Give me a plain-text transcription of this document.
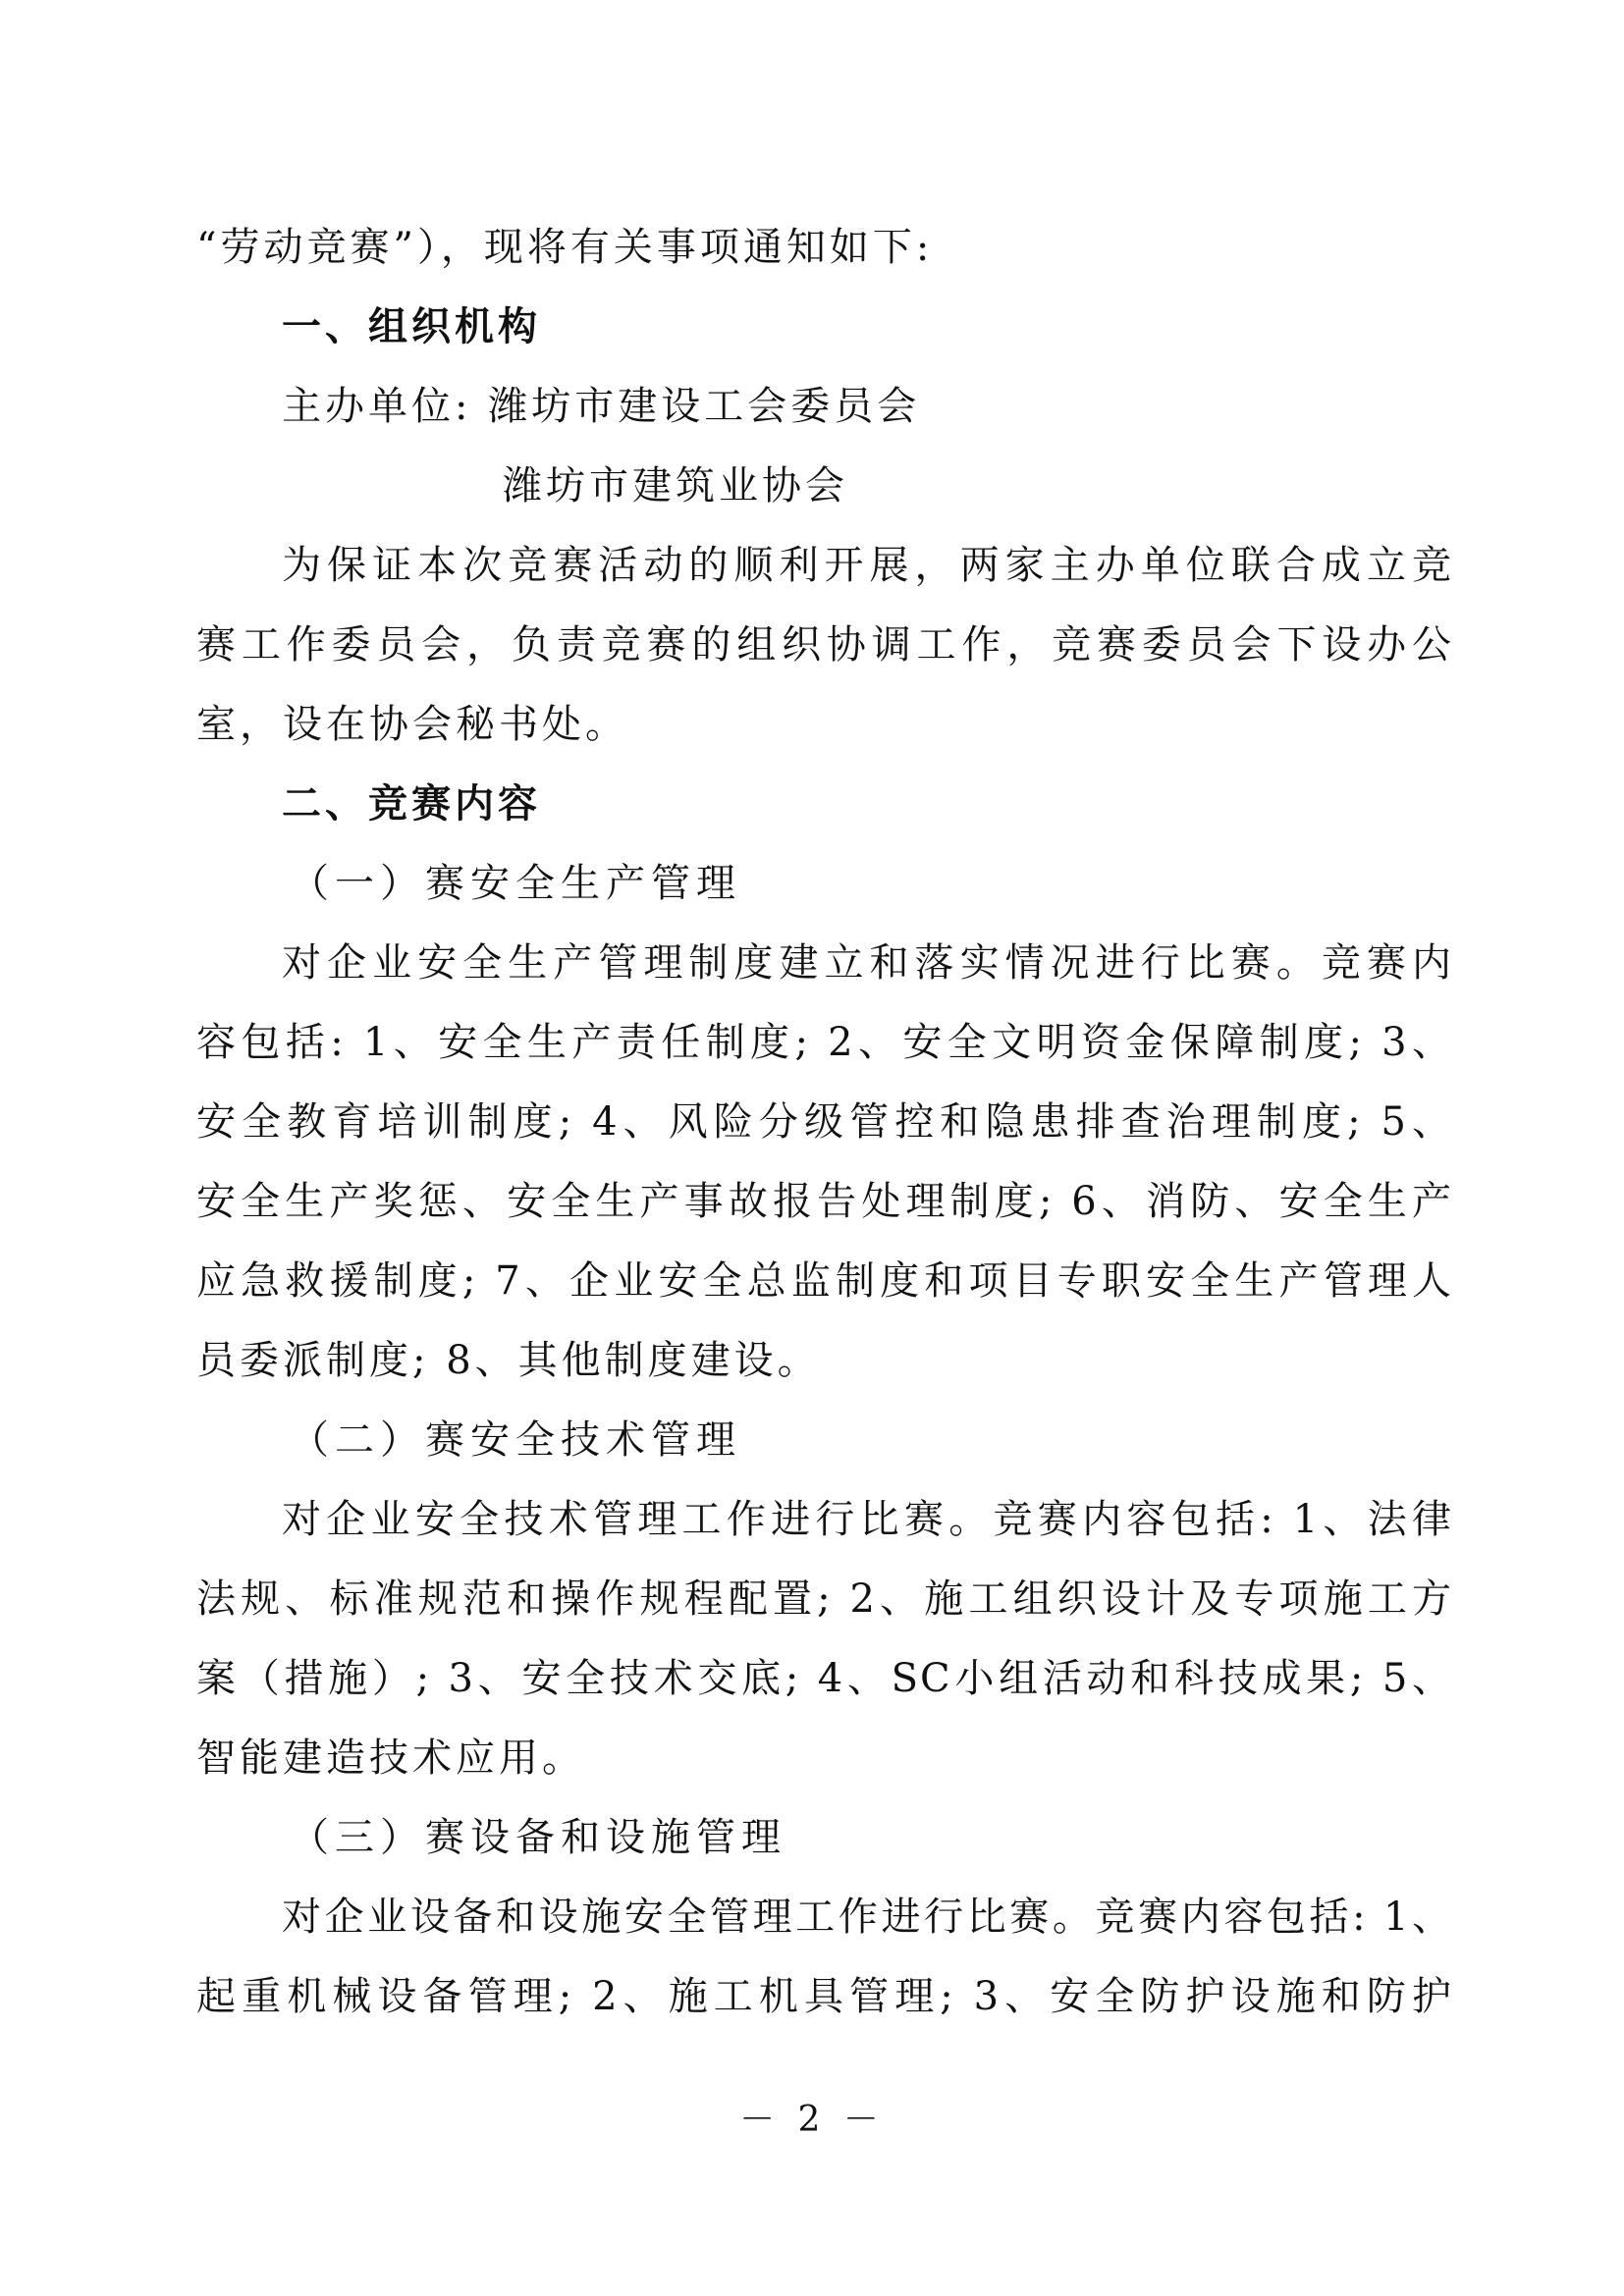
“劳动竞赛”），现将有关事项通知如下:
一、组织机构
主办单位: 潍坊市建设工会委员会
潍坊市建筑业协会
为保证本次竞赛活动的顺利开展，两家主办单位联合成立竞
赛工作委员会，负责竞赛的组织协调工作，竞赛委员会下设办公
室，设在协会秘书处。
二、竞赛内容
（一）赛安全生产管理
对企业安全生产管理制度建立和落实情况进行比赛。竞赛内
容包括: 1、安全生产责任制度; 2、安全文明资金保障制度; 3、
安全教育培训制度; 4、风险分级管控和隐患排查治理制度; 5、
安全生产奖惩、安全生产事故报告处理制度; 6、消防、安全生产
应急救援制度; 7、企业安全总监制度和项目专职安全生产管理人
员委派制度; 8、其他制度建设。
（二）赛安全技术管理
对企业安全技术管理工作进行比赛。竞赛内容包括: 1、法律
法规、标准规范和操作规程配置; 2、施工组织设计及专项施工方
案（措施）; 3、安全技术交底; 4、SC小组活动和科技成果; 5、
智能建造技术应用。
（三）赛设备和设施管理
对企业设备和设施安全管理工作进行比赛。竞赛内容包括: 1、
起重机械设备管理; 2、施工机具管理; 3、安全防护设施和防护
－ 2 －
